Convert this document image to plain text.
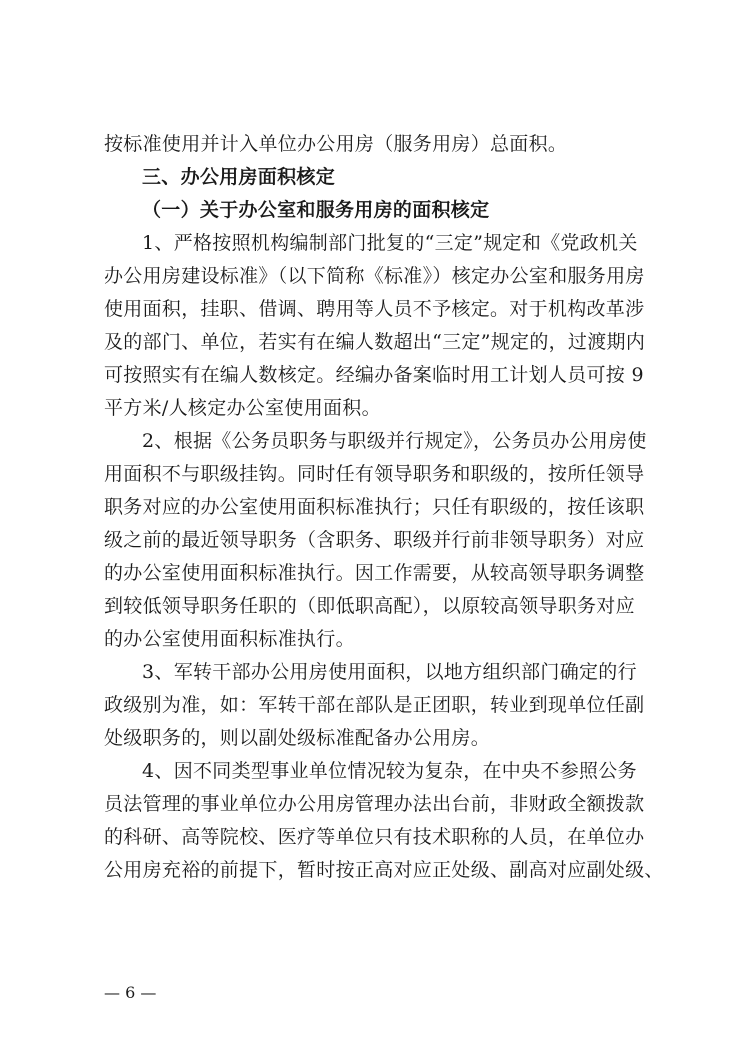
按标准使用并计入单位办公用房（服务用房）总面积。
三、办公用房面积核定
（一）关于办公室和服务用房的面积核定
1、严格按照机构编制部门批复的“三定”规定和《党政机关
办公用房建设标准》（以下简称《标准》）核定办公室和服务用房
使用面积，挂职、借调、聘用等人员不予核定。对于机构改革涉
及的部门、单位，若实有在编人数超出“三定”规定的，过渡期内
可按照实有在编人数核定。经编办备案临时用工计划人员可按 9
平方米/人核定办公室使用面积。
2、根据《公务员职务与职级并行规定》，公务员办公用房使
用面积不与职级挂钩。同时任有领导职务和职级的，按所任领导
职务对应的办公室使用面积标准执行；只任有职级的，按任该职
级之前的最近领导职务（含职务、职级并行前非领导职务）对应
的办公室使用面积标准执行。因工作需要，从较高领导职务调整
到较低领导职务任职的（即低职高配），以原较高领导职务对应
的办公室使用面积标准执行。
3、军转干部办公用房使用面积，以地方组织部门确定的行
政级别为准，如：军转干部在部队是正团职，转业到现单位任副
处级职务的，则以副处级标准配备办公用房。
4、因不同类型事业单位情况较为复杂，在中央不参照公务
员法管理的事业单位办公用房管理办法出台前，非财政全额拨款
的科研、高等院校、医疗等单位只有技术职称的人员，在单位办
公用房充裕的前提下，暂时按正高对应正处级、副高对应副处级、
— 6 —
